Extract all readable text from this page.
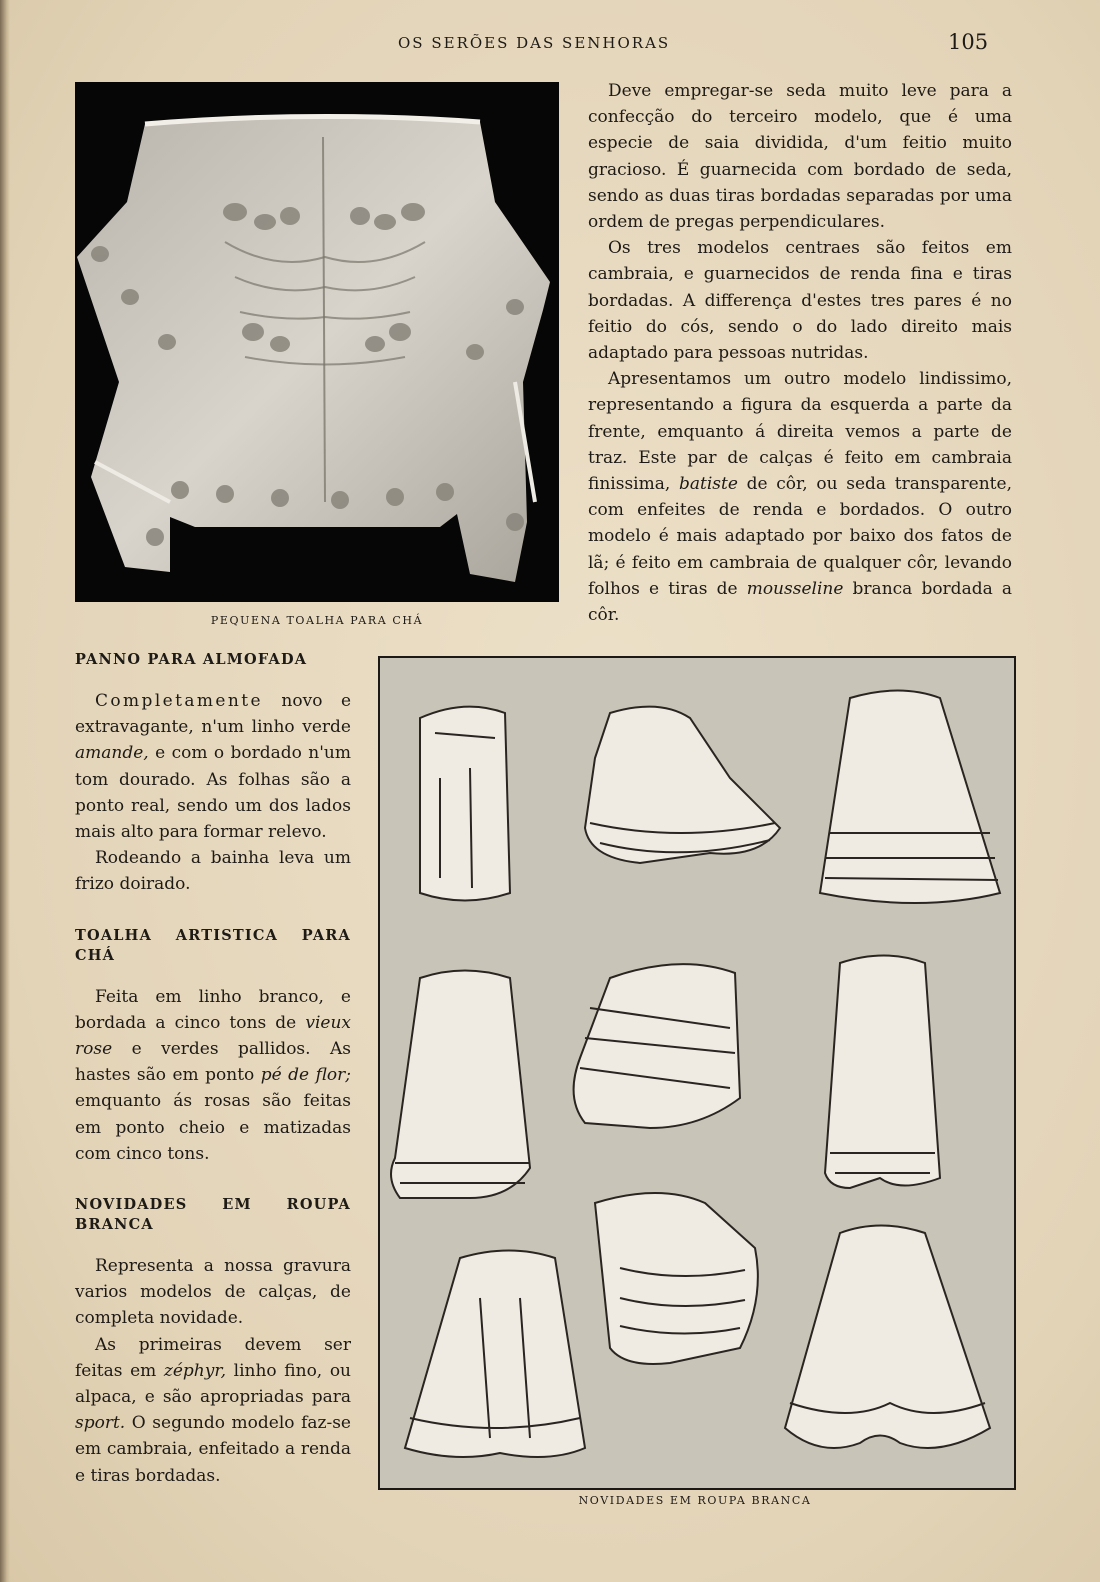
OS SERÕES DAS SENHORAS	105
PEQUENA TOALHA PARA CHÁ

Deve empregar-se seda muito leve para a confecção do terceiro modelo, que é uma especie de saia dividida, d'um feitio muito gracioso. É guarnecida com bordado de seda, sendo as duas tiras bordadas separadas por uma ordem de pregas perpendiculares.

Os tres modelos centraes são feitos em cambraia, e guarnecidos de renda fina e tiras bordadas. A differença d'estes tres pares é no feitio do cós, sendo o do lado direito mais adaptado para pessoas nutridas.

Apresentamos um outro modelo lindissimo, representando a figura da esquerda a parte da frente, emquanto á direita vemos a parte de traz. Este par de calças é feito em cambraia finissima, batiste de côr, ou seda transparente, com enfeites de renda e bordados. O outro modelo é mais adaptado por baixo dos fatos de lã; é feito em cambraia de qualquer côr, levando folhos e tiras de mousseline branca bordada a côr.

PANNO PARA ALMOFADA

Completamente novo e extravagante, n'um linho verde amande, e com o bordado n'um tom dourado. As folhas são a ponto real, sendo um dos lados mais alto para formar relevo.

Rodeando a bainha leva um frizo doirado.

TOALHA ARTISTICA PARA CHÁ

Feita em linho branco, e bordada a cinco tons de vieux rose e verdes pallidos. As hastes são em ponto pé de flor; emquanto ás rosas são feitas em ponto cheio e matizadas com cinco tons.

NOVIDADES EM ROUPA BRANCA

Representa a nossa gravura varios modelos de calças, de completa novidade.

As primeiras devem ser feitas em zéphyr, linho fino, ou alpaca, e são apropriadas para sport. O segundo modelo faz-se em cambraia, enfeitado a renda e tiras bordadas.

NOVIDADES EM ROUPA BRANCA
